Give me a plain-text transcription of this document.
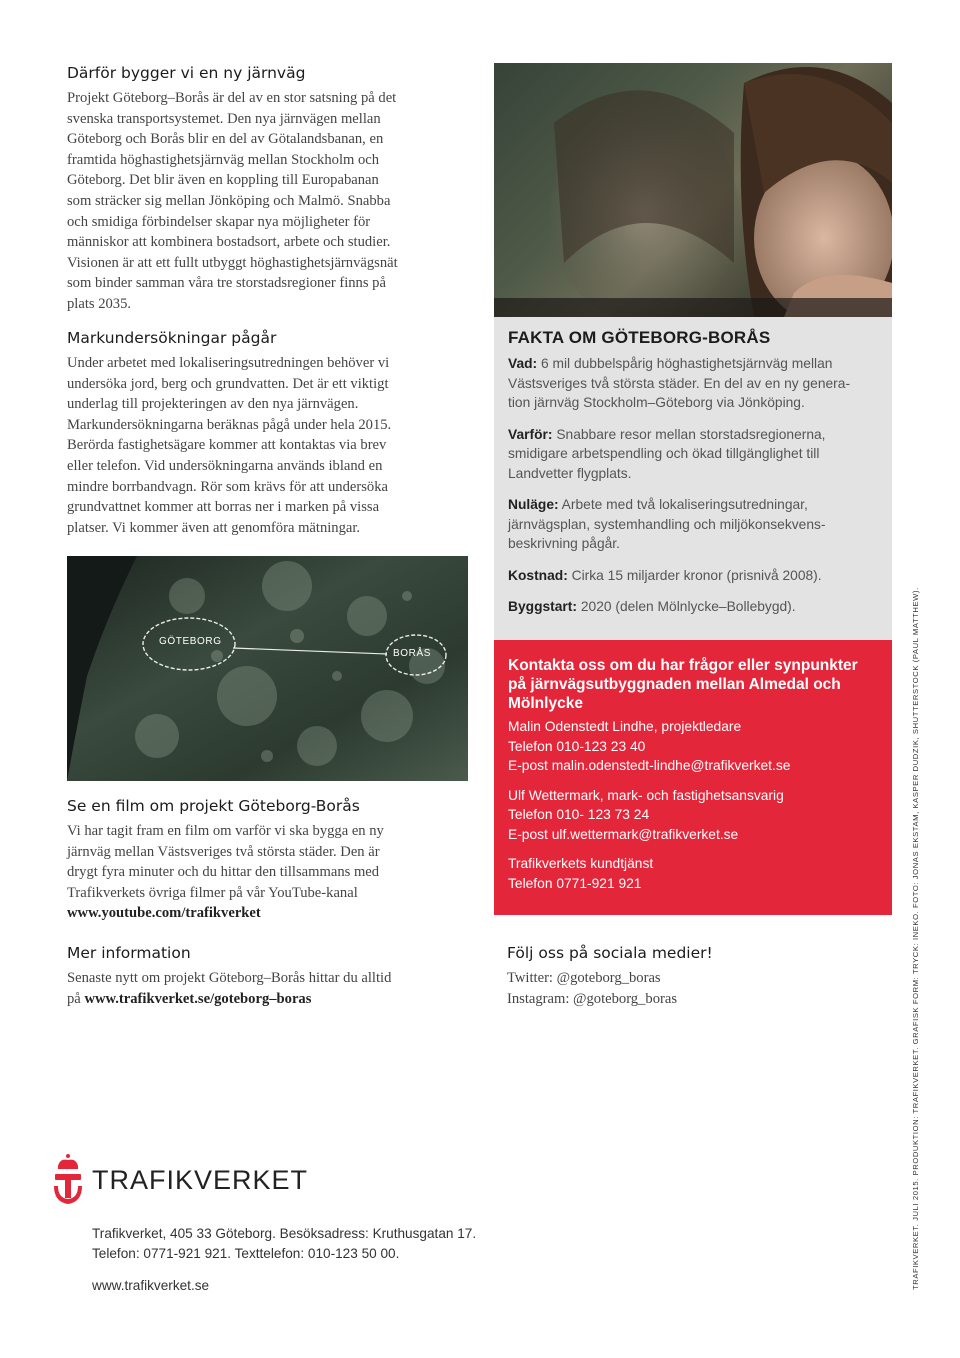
Därför bygger vi en ny järnväg

Projekt Göteborg–Borås är del av en stor satsning på det
svenska transportsystemet. Den nya järnvägen mellan
Göteborg och Borås blir en del av Götalandsbanan, en
framtida höghastighetsjärnväg mellan Stockholm och
Göteborg. Det blir även en koppling till Europabanan
som sträcker sig mellan Jönköping och Malmö. Snabba
och smidiga förbindelser skapar nya möjligheter för
människor att kombinera bostadsort, arbete och studier.
Visionen är att ett fullt utbyggt höghastighetsjärnvägsnät
som binder samman våra tre storstadsregioner finns på
plats 2035.

FAKTA OM GÖTEBORG-BORÅS

Vad: 6 mil dubbelspårig höghastighetsjärnväg mellan
Västsveriges två största städer. En del av en ny genera-
tion järnväg Stockholm–Göteborg via Jönköping.

Varför: Snabbare resor mellan storstadsregionerna,
smidigare arbetspendling och ökad tillgänglighet till
Landvetter flygplats.

Nuläge: Arbete med två lokaliseringsutredningar,
järnvägsplan, systemhandling och miljökonsekvens-
beskrivning pågår.

Kostnad: Cirka 15 miljarder kronor (prisnivå 2008).

Byggstart: 2020 (delen Mölnlycke–Bollebygd).

Markundersökningar pågår

Under arbetet med lokaliseringsutredningen behöver vi
undersöka jord, berg och grundvatten. Det är ett viktigt
underlag till projekteringen av den nya järnvägen.
Markundersökningarna beräknas pågå under hela 2015.
Berörda fastighetsägare kommer att kontaktas via brev
eller telefon. Vid undersökningarna används ibland en
mindre borrbandvagn. Rör som krävs för att undersöka
grundvattnet kommer att borras ner i marken på vissa
platser. Vi kommer även att genomföra mätningar.

GÖTEBORG
BORÅS

Kontakta oss om du har frågor eller synpunkter
på järnvägsutbyggnaden mellan Almedal och
Mölnlycke

Malin Odenstedt Lindhe, projektledare

Telefon 010-123 23 40

E-post malin.odenstedt-lindhe@trafikverket.se

Ulf Wettermark, mark- och fastighetsansvarig

Telefon 010- 123 73 24

E-post ulf.wettermark@trafikverket.se

Trafikverkets kundtjänst

Telefon 0771-921 921

Se en film om projekt Göteborg-Borås

Vi har tagit fram en film om varför vi ska bygga en ny
järnväg mellan Västsveriges två största städer. Den är
drygt fyra minuter och du hittar den tillsammans med
Trafikverkets övriga filmer på vår YouTube-kanal
www.youtube.com/trafikverket

Mer information

Senaste nytt om projekt Göteborg–Borås hittar du alltid
på www.trafikverket.se/goteborg–boras

Följ oss på sociala medier!

Twitter: @goteborg_boras
Instagram: @goteborg_boras

TRAFIKVERKET

Trafikverket, 405 33 Göteborg. Besöksadress: Kruthusgatan 17.

Telefon: 0771-921 921. Texttelefon: 010-123 50 00.

www.trafikverket.se	TRAFIKVERKET. JULI 2015. PRODUKTION: TRAFIKVERKET. GRAFISK FORM: TRYCK: INEKO. FOTO: JONAS EKSTAM, KASPER DUDZIK, SHUTTERSTOCK (PAUL MATTHEW).
